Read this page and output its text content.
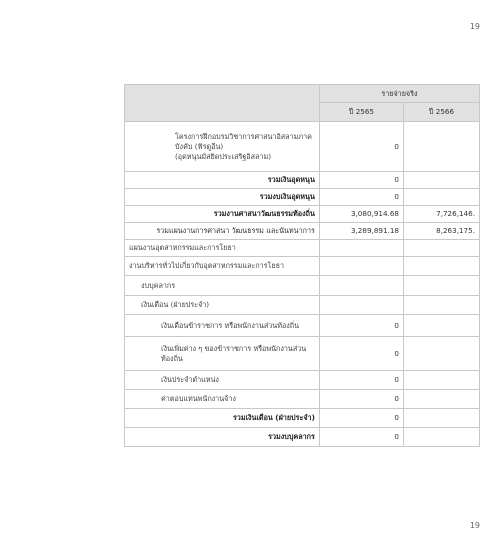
19
	รายจ่ายจริง	
	ปี 2565	ปี 2566

โครงการฝึกอบรมวิชาการศาสนาอิสลามภาคบังคับ (ฟัรดูอีน)
(อุดหนุนมัสยิดประเสริฐอิสลาม)	0	
รวมเงินอุดหนุน	0	
รวมงบเงินอุดหนุน	0	
รวมงานศาสนาวัฒนธรรมท้องถิ่น	3,080,914.68	7,726,146.
รวมแผนงานการศาสนา วัฒนธรรม และนันทนาการ	3,289,891.18	8,263,175.
แผนงานอุตสาหกรรมและการโยธา		
งานบริหารทั่วไปเกี่ยวกับอุตสาหกรรมและการโยธา		
งบบุคลากร		
เงินเดือน (ฝ่ายประจำ)		
เงินเดือนข้าราชการ หรือพนักงานส่วนท้องถิ่น	0	
เงินเพิ่มต่าง ๆ ของข้าราชการ หรือพนักงานส่วนท้องถิ่น	0	
เงินประจำตำแหน่ง	0	
ค่าตอบแทนพนักงานจ้าง	0	
รวมเงินเดือน (ฝ่ายประจำ)	0	
รวมงบบุคลากร	0	
19
